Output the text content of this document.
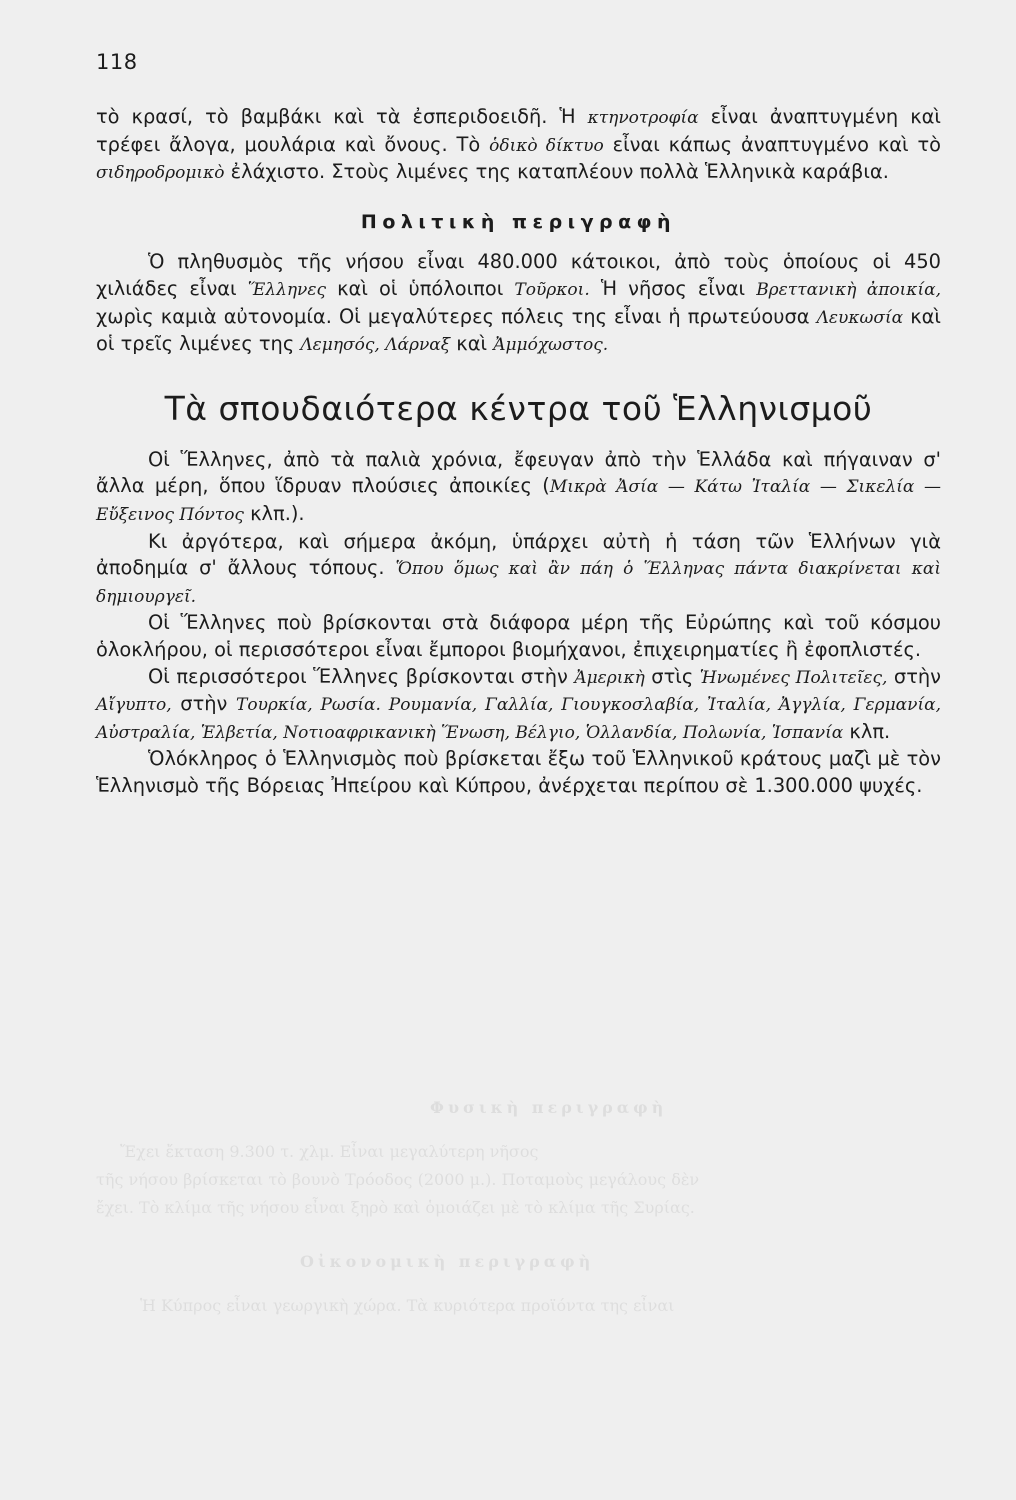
118

τὸ κρασί, τὸ βαμβάκι καὶ τὰ ἐσπεριδοειδῆ. Ἡ κτηνοτροφία εἶναι ἀναπτυγμένη καὶ τρέφει ἄλογα, μουλάρια καὶ ὄνους. Τὸ ὁδικὸ δίκτυο εἶναι κάπως ἀναπτυγμένο καὶ τὸ σιδηροδρομικὸ ἐλάχιστο. Στοὺς λιμένες της καταπλέουν πολλὰ Ἑλληνικὰ καράβια.

Πολιτικὴ περιγραφὴ

Ὁ πληθυσμὸς τῆς νήσου εἶναι 480.000 κάτοικοι, ἀπὸ τοὺς ὁποίους οἱ 450 χιλιάδες εἶναι Ἕλληνες καὶ οἱ ὑπόλοιποι Τοῦρκοι. Ἡ νῆσος εἶναι Βρεττανικὴ ἀποικία, χωρὶς καμιὰ αὐτονομία. Οἱ μεγαλύτερες πόλεις της εἶναι ἡ πρωτεύουσα Λευκωσία καὶ οἱ τρεῖς λιμένες της Λεμησός, Λάρναξ καὶ Ἀμμόχωστος.

Τὰ σπουδαιότερα κέντρα τοῦ Ἑλληνισμοῦ

Οἱ Ἕλληνες, ἀπὸ τὰ παλιὰ χρόνια, ἔφευγαν ἀπὸ τὴν Ἑλλάδα καὶ πήγαιναν σ' ἄλλα μέρη, ὅπου ἵδρυαν πλούσιες ἀποικίες (Μικρὰ Ἀσία — Κάτω Ἰταλία — Σικελία — Εὔξεινος Πόντος κλπ.).

Κι ἀργότερα, καὶ σήμερα ἀκόμη, ὑπάρχει αὐτὴ ἡ τάση τῶν Ἑλλήνων γιὰ ἀποδημία σ' ἄλλους τόπους. Ὅπου ὅμως καὶ ἂν πάη ὁ Ἕλληνας πάντα διακρίνεται καὶ δημιουργεῖ.

Οἱ Ἕλληνες ποὺ βρίσκονται στὰ διάφορα μέρη τῆς Εὐρώπης καὶ τοῦ κόσμου ὁλοκλήρου, οἱ περισσότεροι εἶναι ἔμποροι βιομήχανοι, ἐπιχειρηματίες ἢ ἐφοπλιστές.

Οἱ περισσότεροι Ἕλληνες βρίσκονται στὴν Ἀμερικὴ στὶς Ἡνωμένες Πολιτεῖες, στὴν Αἴγυπτο, στὴν Τουρκία, Ρωσία. Ρουμανία, Γαλλία, Γιουγκοσλαβία, Ἰταλία, Ἀγγλία, Γερμανία, Αὐστραλία, Ἑλβετία, Νοτιοαφρικανικὴ Ἕνωση, Βέλγιο, Ὁλλανδία, Πολωνία, Ἱσπανία κλπ.

Ὁλόκληρος ὁ Ἑλληνισμὸς ποὺ βρίσκεται ἔξω τοῦ Ἑλληνικοῦ κράτους μαζὶ μὲ τὸν Ἑλληνισμὸ τῆς Βόρειας Ἠπείρου καὶ Κύπρου, ἀνέρχεται περίπου σὲ 1.300.000 ψυχές.

Φυσικὴ περιγραφὴ
Ἔχει ἔκταση 9.300 τ. χλμ. Εἶναι μεγαλύτερη νῆσος
τῆς νήσου βρίσκεται τὸ βουνὸ Τρόοδος (2000 μ.). Ποταμοὺς μεγάλους δὲν
ἔχει. Τὸ κλίμα τῆς νήσου εἶναι ξηρὸ καὶ ὁμοιάζει μὲ τὸ κλίμα τῆς Συρίας.
Οἰκονομικὴ περιγραφὴ
Ἡ Κύπρος εἶναι γεωργικὴ χώρα. Τὰ κυριότερα προϊόντα της εἶναι
